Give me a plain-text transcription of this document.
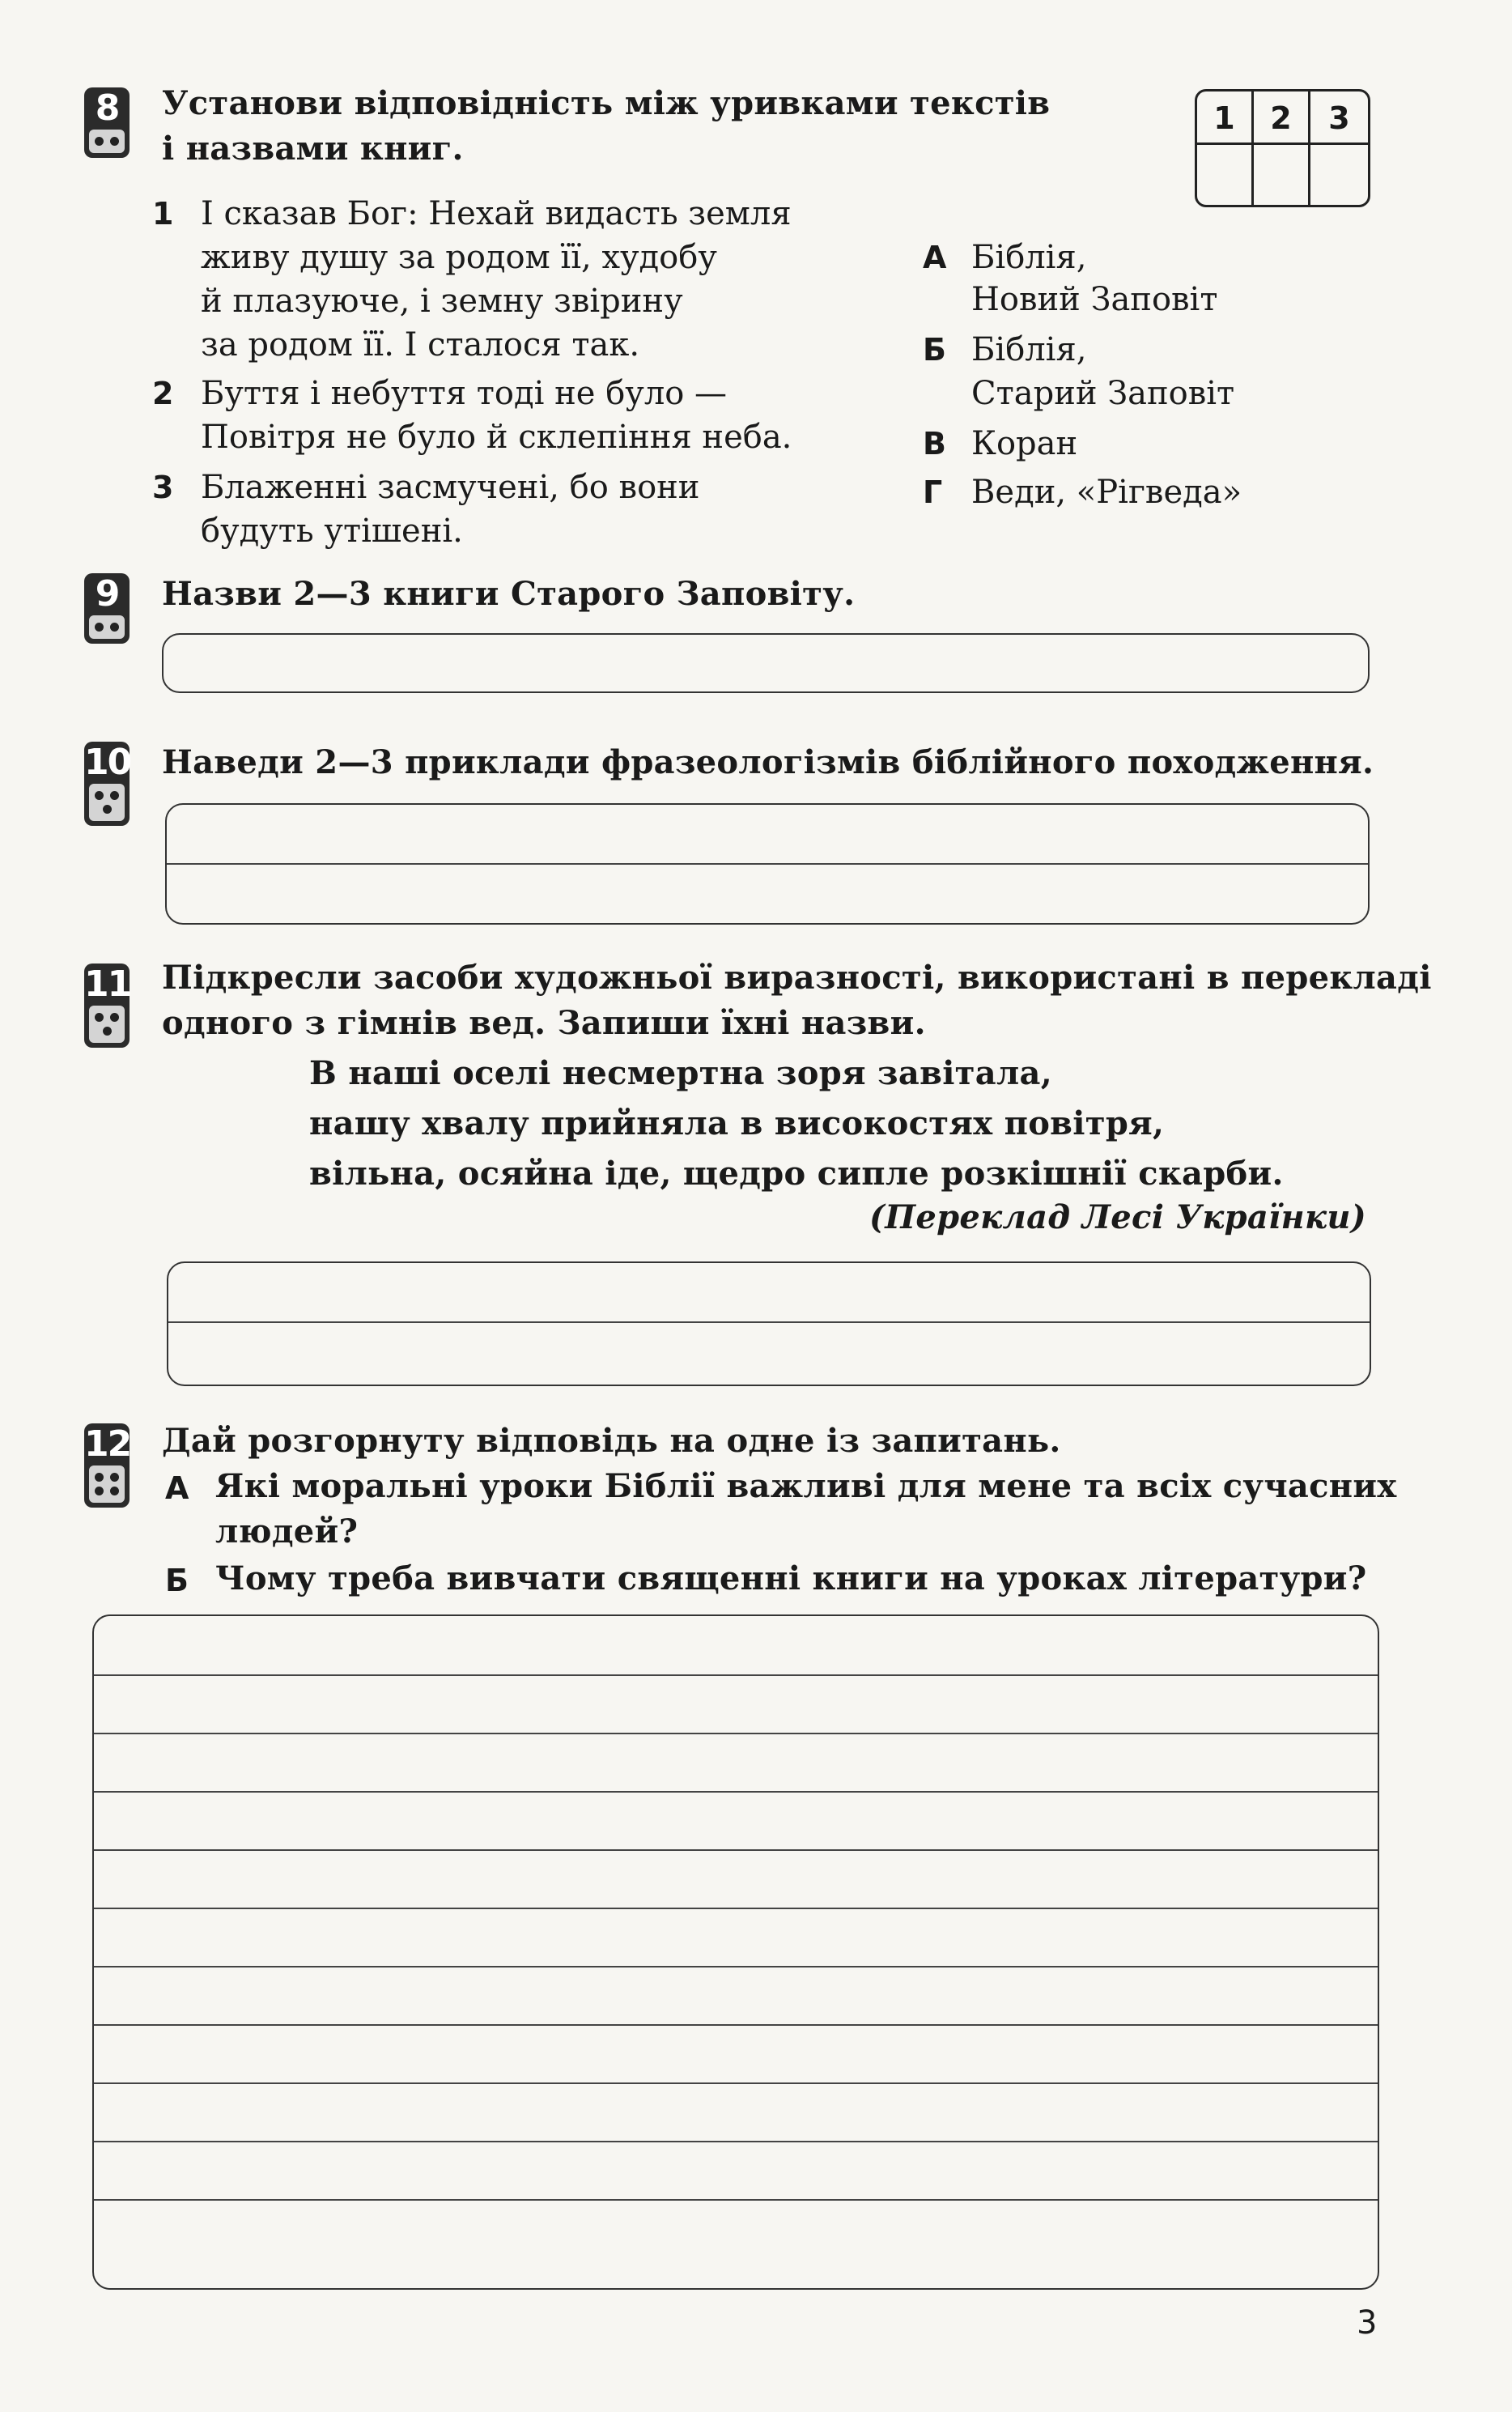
8	Установи відповідність між уривками текстів
і назвами книг.
1	2	3
1 І сказав Бог: Нехай видасть земля
живу душу за родом її, худобу
й плазуюче, і земну звірину
за родом її. І сталося так.
2 Буття і небуття тоді не було —
Повітря не було й склепіння неба.
3 Блаженні засмучені, бо вони
будуть утішені.
А Біблія,
Новий Заповіт
Б Біблія,
Старий Заповіт
В Коран
Г Веди, «Рігведа»
9	Назви 2—3 книги Старого Заповіту.
10 Наведи 2—3 приклади фразеологізмів біблійного походження.
11 Підкресли засоби художньої виразності, використані в перекладі
одного з гімнів вед. Запиши їхні назви.
В наші оселі несмертна зоря завітала,
нашу хвалу прийняла в високостях повітря,
вільна, осяйна іде, щедро сипле розкішнії скарби.
(Переклад Лесі Українки)
12 Дай розгорнуту відповідь на одне із запитань.
А Які моральні уроки Біблії важливі для мене та всіх сучасних
людей?
Б Чому треба вивчати священні книги на уроках літератури?
3
